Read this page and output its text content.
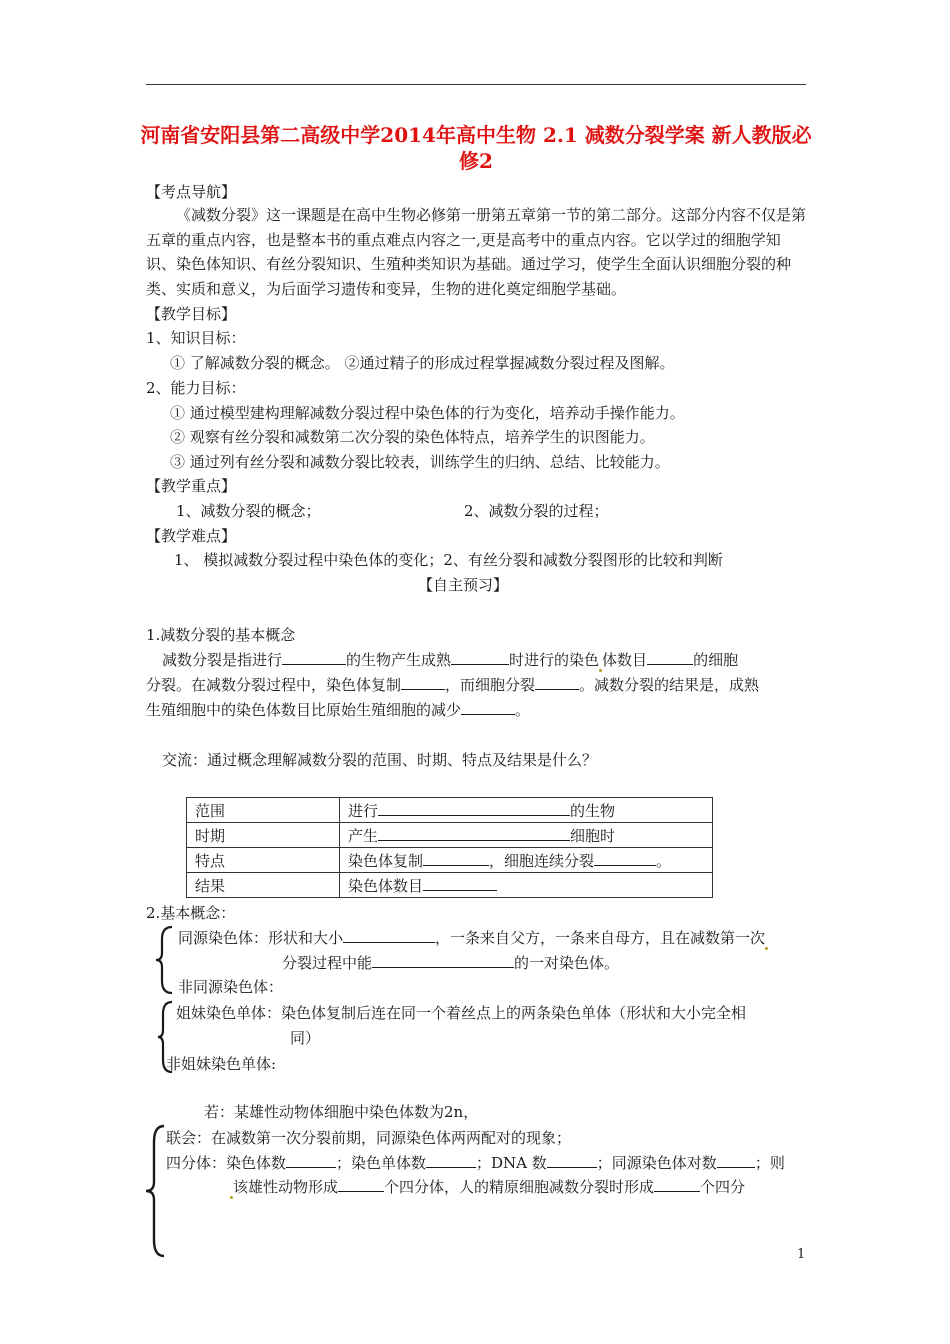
河南省安阳县第二高级中学2014年高中生物 2.1 减数分裂学案 新人教版必修2
【考点导航】
《减数分裂》这一课题是在高中生物必修第一册第五章第一节的第二部分。这部分内容不仅是第五章的重点内容，也是整本书的重点难点内容之一,更是高考中的重点内容。它以学过的细胞学知识、染色体知识、有丝分裂知识、生殖种类知识为基础。通过学习，使学生全面认识细胞分裂的种类、实质和意义，为后面学习遗传和变异，生物的进化奠定细胞学基础。
【教学目标】
1、知识目标：
① 了解减数分裂的概念。 ②通过精子的形成过程掌握减数分裂过程及图解。
2、能力目标：
① 通过模型建构理解减数分裂过程中染色体的行为变化，培养动手操作能力。
② 观察有丝分裂和减数第二次分裂的染色体特点，培养学生的识图能力。
③ 通过列有丝分裂和减数分裂比较表，训练学生的归纳、总结、比较能力。
【教学重点】
1、减数分裂的概念；	2、减数分裂的过程；
【教学难点】
1、 模拟减数分裂过程中染色体的变化；2、有丝分裂和减数分裂图形的比较和判断
【自主预习】
1.减数分裂的基本概念
减数分裂是指进行	的生物产生成熟	时进行的染色 体数目	的细胞
分裂。在减数分裂过程中，染色体复制	，而细胞分裂	。减数分裂的结果是，成熟
生殖细胞中的染色体数目比原始生殖细胞的减少	。
交流：通过概念理解减数分裂的范围、时期、特点及结果是什么？
范围	进行 的生物
时期	产生 细胞时
特点	染色体复制 ，细胞连续分裂 。
结果	染色体数目
2.基本概念：
同源染色体：形状和大小	，一条来自父方，一条来自母方，且在减数第一次
分裂过程中能	的一对染色体。
非同源染色体：
姐妹染色单体：染色体复制后连在同一个着丝点上的两条染色单体（形状和大小完全相
同）
非姐妹染色单体:
若：某雄性动物体细胞中染色体数为2n，
联会：在减数第一次分裂前期，同源染色体两两配对的现象；
四分体：染色体数	；染色单体数	；DNA 数	；同源染色体对数	；则
该雄性动物形成	个四分体，人的精原细胞减数分裂时形成	个四分
1
